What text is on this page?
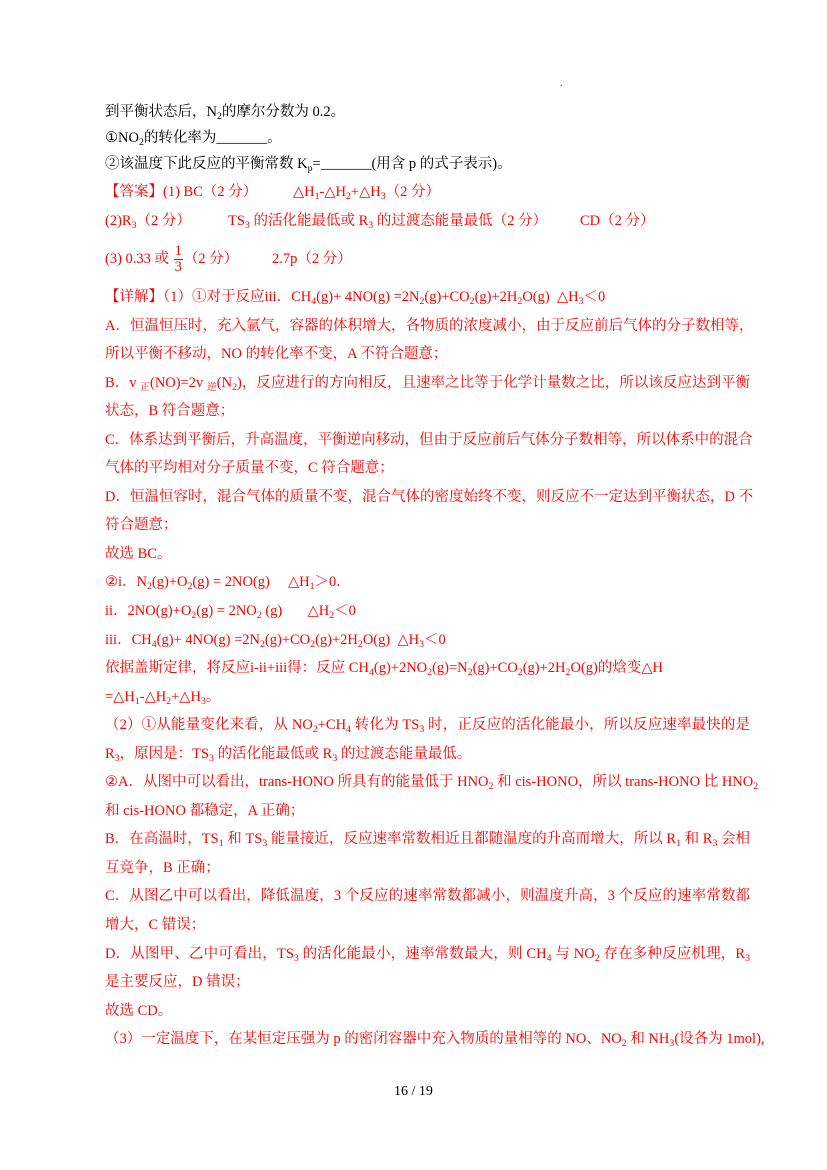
.
到平衡状态后，$N_2$的摩尔分数为 0.2。
$①NO_2$的转化率为_______。
②该温度下此反应的平衡常数 $K_p=\_\_\_\_\_\_\_$(用含 p 的式子表示)。
【答案】(1) BC（2 分） $\triangle H_1-\triangle H_2+\triangle H_3(2$ 分）
$(2)R_3(2$ 分）	$TS_3$ 的活化能最低或 $R_3$ 的过渡态能量最低（2 分） CD（2 分）
(3) 0.33 或 $\frac{1}{3} (2$ 分） 2.7p（2 分）
【详解】（1）①对于反应iii．$CH_4(g)+ 4NO(g) =2N_2(g)+CO_2(g)+2H_2O(g)$  $\triangle H_3<0$
A．恒温恒压时，充入氩气，容器的体积增大，各物质的浓度减小，由于反应前后气体的分子数相等，
所以平衡不移动，NO 的转化率不变，A 不符合题意；
B．v $_正$(NO)=2v $_逆(N_2)$，反应进行的方向相反，且速率之比等于化学计量数之比，所以该反应达到平衡
状态，B 符合题意；
C．体系达到平衡后，升高温度，平衡逆向移动，但由于反应前后气体分子数相等，所以体系中的混合
气体的平均相对分子质量不变，C 符合题意；
D．恒温恒容时，混合气体的质量不变，混合气体的密度始终不变，则反应不一定达到平衡状态，D 不
符合题意；
故选 BC。
②i．$N_2(g)+O_2(g) = 2NO(g)$     $\triangle H_1>0$．
ii．$2NO(g)+O_2(g) = 2NO_2$ (g)       $\triangle H_2<0$
iii．$CH_4(g)+ 4NO(g) =2N_2(g)+CO_2(g)+2H_2O(g)$  $\triangle H_3<0$
依据盖斯定律，将反应i-ii+iii得：反应 $CH_4(g)+2NO_2(g)=N_2(g)+CO_2(g)+2H_2O(g)$的焓变△H
$=\triangle H_1-\triangle H_2+\triangle H_3$。
（2）①从能量变化来看，从 $NO_2+CH_4$ 转化为 $TS_3$ 时，正反应的活化能最小，所以反应速率最快的是
$R_3$，原因是：$TS_3$ 的活化能最低或 $R_3$ 的过渡态能量最低。
②A．从图中可以看出，trans-HONO 所具有的能量低于 $HNO_2$ 和 cis-HONO，所以 trans-HONO 比 $HNO_2$
和 cis-HONO 都稳定，A 正确；
B．在高温时，$TS_1$ 和 $TS_3$ 能量接近，反应速率常数相近且都随温度的升高而增大，所以 $R_1$ 和 $R_3$ 会相
互竞争，B 正确；
C．从图乙中可以看出，降低温度，3 个反应的速率常数都减小，则温度升高，3 个反应的速率常数都
增大，C 错误；
D．从图甲、乙中可看出，$TS_3$ 的活化能最小，速率常数最大，则 $CH_4$ 与 $NO_2$ 存在多种反应机理，$R_3$
是主要反应，D 错误；
故选 CD。
（3）一定温度下，在某恒定压强为 p 的密闭容器中充入物质的量相等的 NO、$NO_2$ 和 $NH_3$(设各为 1mol),
16 / 19
